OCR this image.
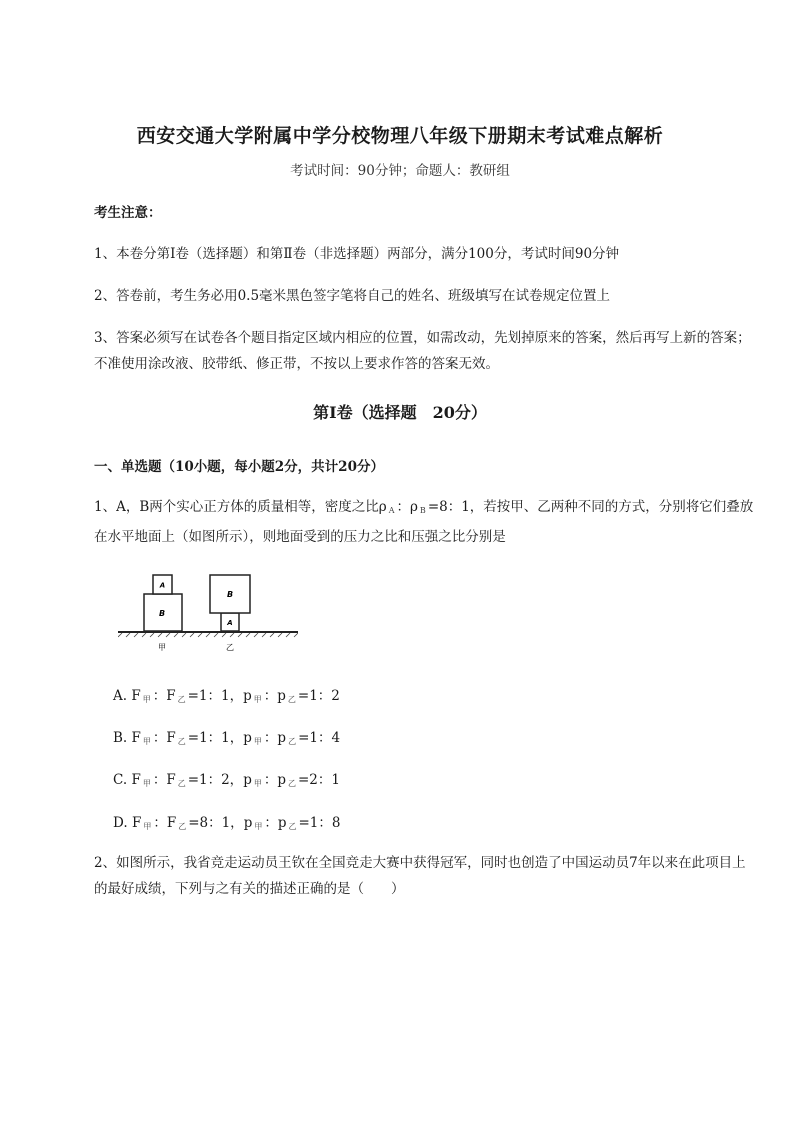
西安交通大学附属中学分校物理八年级下册期末考试难点解析
考试时间：90分钟；命题人：教研组
考生注意：
1、本卷分第I卷（选择题）和第Ⅱ卷（非选择题）两部分，满分100分，考试时间90分钟
2、答卷前，考生务必用0.5毫米黑色签字笔将自己的姓名、班级填写在试卷规定位置上
3、答案必须写在试卷各个题目指定区域内相应的位置，如需改动，先划掉原来的答案，然后再写上新的答案；不准使用涂改液、胶带纸、修正带，不按以上要求作答的答案无效。
第I卷（选择题　20分）
一、单选题（10小题，每小题2分，共计20分）
1、A，B两个实心正方体的质量相等，密度之比ρ $_A$ ：ρ $_B$ =8：1，若按甲、乙两种不同的方式，分别将它们叠放在水平地面上（如图所示），则地面受到的压力之比和压强之比分别是
B
A
A
B
甲	乙
A. F $_甲$ ：F $_乙$ =1：1，p $_甲$ ：p $_乙$ =1：2
B. F $_甲$ ：F $_乙$ =1：1，p $_甲$ ：p $_乙$ =1：4
C. F $_甲$ ：F $_乙$ =1：2，p $_甲$ ：p $_乙$ =2：1
D. F $_甲$ ：F $_乙$ =8：1，p $_甲$ ：p $_乙$ =1：8
2、如图所示，我省竞走运动员王钦在全国竞走大赛中获得冠军，同时也创造了中国运动员7年以来在此项目上的最好成绩，下列与之有关的描述正确的是（　　）
